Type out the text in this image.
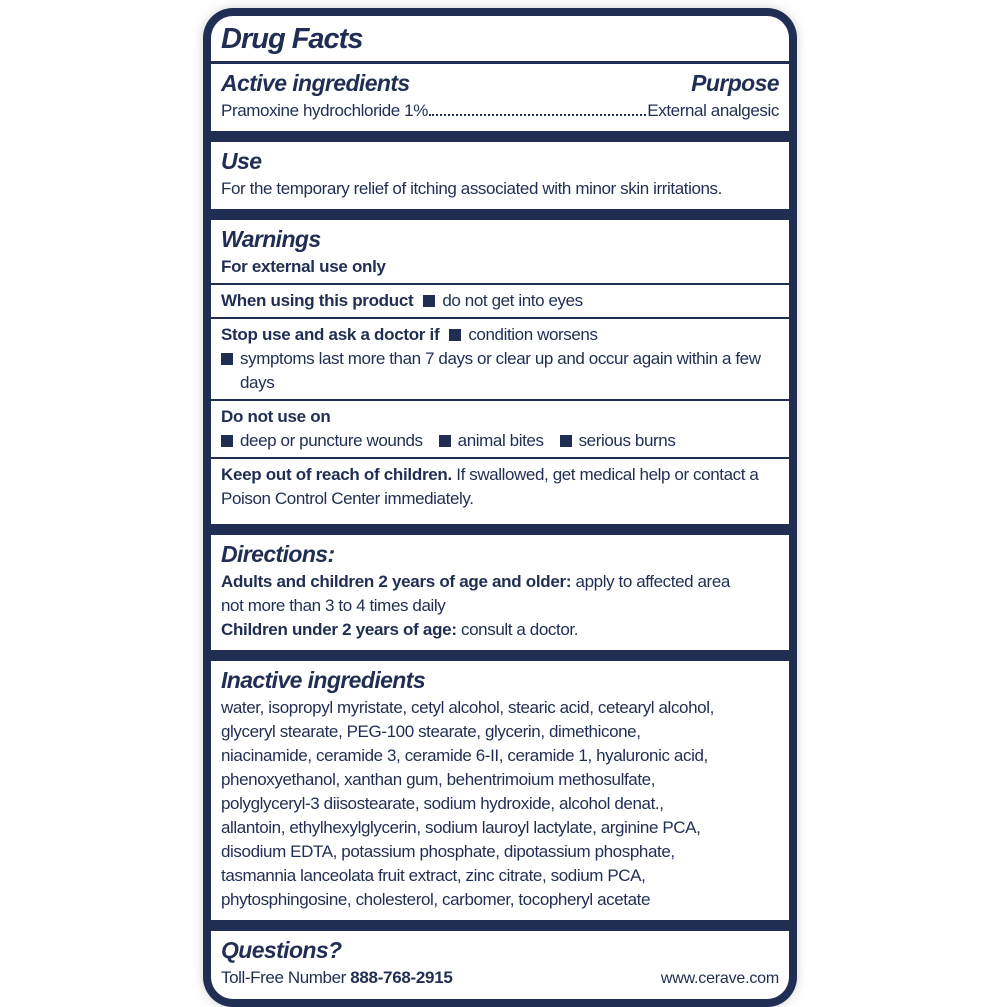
Drug Facts
Active ingredients	Purpose
Pramoxine hydrochloride 1%	External analgesic
Use
For the temporary relief of itching associated with minor skin irritations.
Warnings
For external use only
When using this product do not get into eyes
Stop use and ask a doctor if condition worsens
symptoms last more than 7 days or clear up and occur again within a few days
Do not use on
deep or puncture wounds animal bites serious burns
Keep out of reach of children. If swallowed, get medical help or contact a Poison Control Center immediately.
Directions:
Adults and children 2 years of age and older: apply to affected area
not more than 3 to 4 times daily
Children under 2 years of age: consult a doctor.
Inactive ingredients
water, isopropyl myristate, cetyl alcohol, stearic acid, cetearyl alcohol,
glyceryl stearate, PEG-100 stearate, glycerin, dimethicone,
niacinamide, ceramide 3, ceramide 6-II, ceramide 1, hyaluronic acid,
phenoxyethanol, xanthan gum, behentrimoium methosulfate,
polyglyceryl-3 diisostearate, sodium hydroxide, alcohol denat.,
allantoin, ethylhexylglycerin, sodium lauroyl lactylate, arginine PCA,
disodium EDTA, potassium phosphate, dipotassium phosphate,
tasmannia lanceolata fruit extract, zinc citrate, sodium PCA,
phytosphingosine, cholesterol, carbomer, tocopheryl acetate
Questions?
Toll-Free Number 888-768-2915	www.cerave.com
